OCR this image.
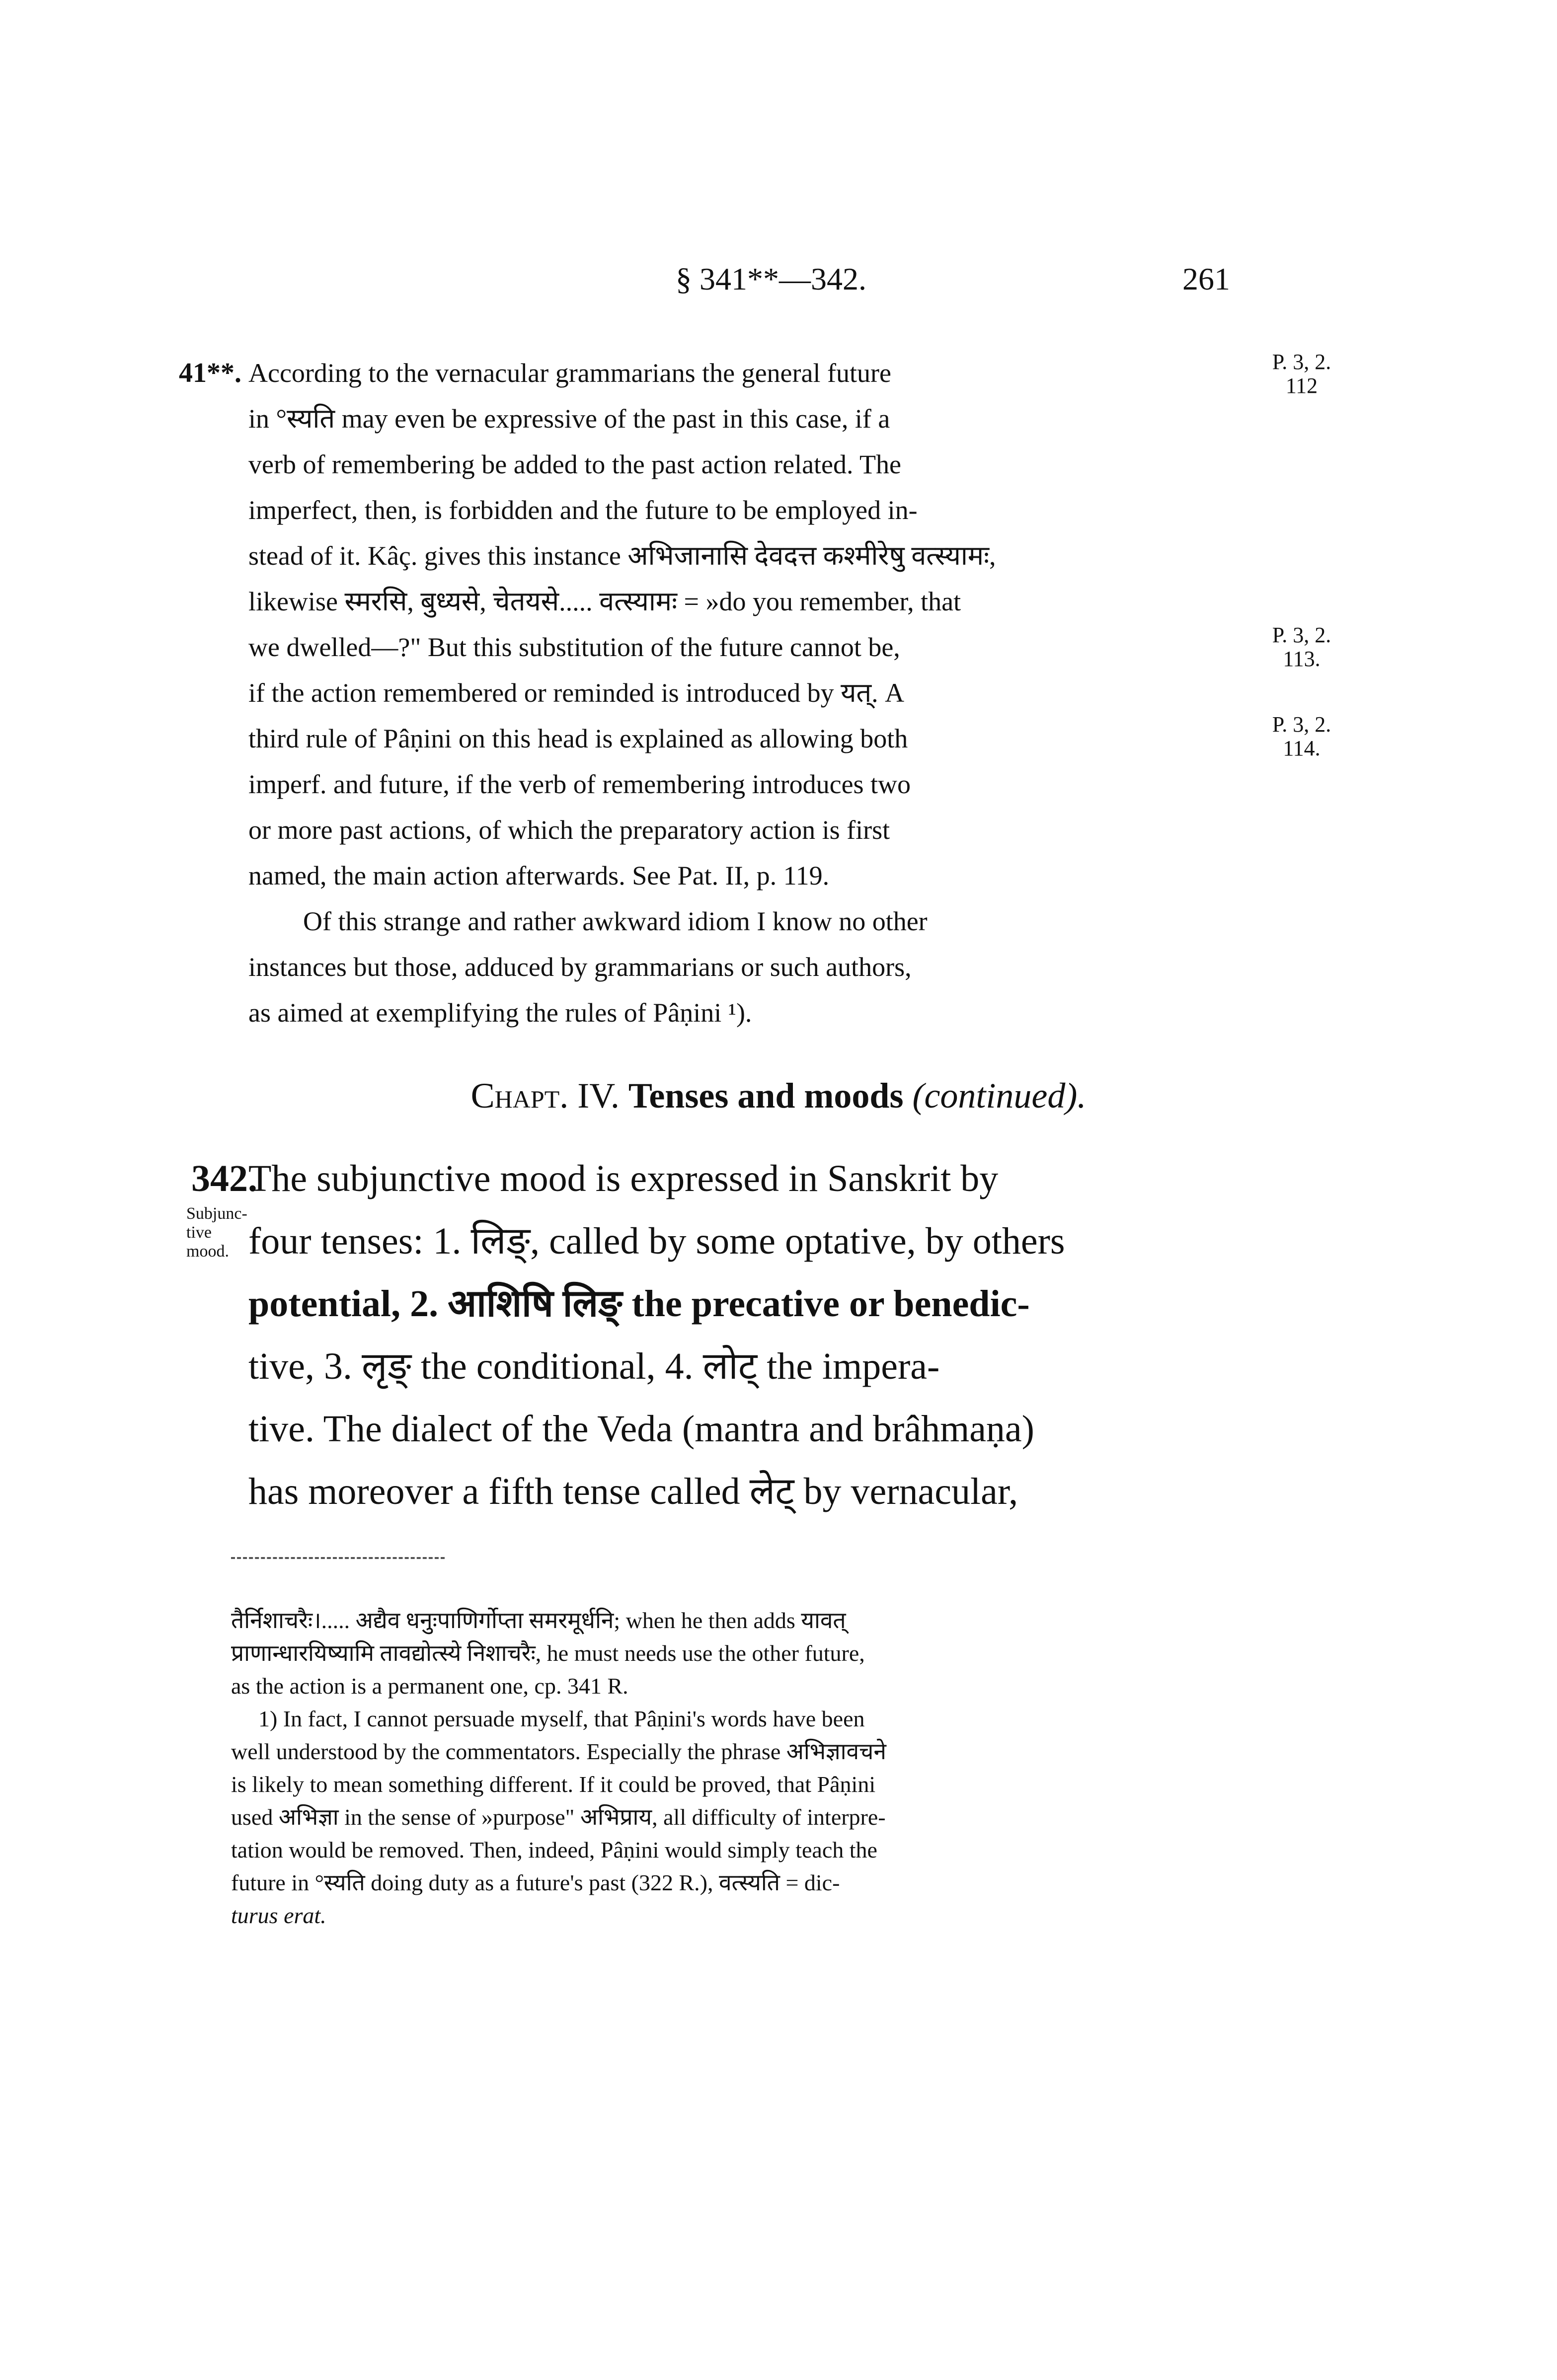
§ 341**—342.	261
41**. According to the vernacular grammarians the general future
in °स्यति may even be expressive of the past in this case, if a
verb of remembering be added to the past action related. The
imperfect, then, is forbidden and the future to be employed in-
stead of it. Kâç. gives this instance अभिजानासि देवदत्त कश्मीरेषु वत्स्यामः,
likewise स्मरसि, बुध्यसे, चेतयसे..... वत्स्यामः = »do you remember, that
we dwelled—?" But this substitution of the future cannot be,
if the action remembered or reminded is introduced by यत्. A
third rule of Pâṇini on this head is explained as allowing both
imperf. and future, if the verb of remembering introduces two
or more past actions, of which the preparatory action is first
named, the main action afterwards. See Pat. II, p. 119.
Of this strange and rather awkward idiom I know no other
instances but those, adduced by grammarians or such authors,
as aimed at exemplifying the rules of Pâṇini ¹).
P. 3, 2. 112
P. 3, 2. 113.
P. 3, 2. 114.
Chapt. IV. Tenses and moods (continued).
342.
Subjunc- tive mood.
The subjunctive mood is expressed in Sanskrit by
four tenses: 1. लिङ्, called by some optative, by others
potential, 2. आशिषि लिङ् the precative or benedic-
tive, 3. लृङ् the conditional, 4. लोट् the impera-
tive. The dialect of the Veda (mantra and brâhmaṇa)
has moreover a fifth tense called लेट् by vernacular,
तैर्निशाचरैः।..... अद्यैव धनुःपाणिर्गोप्ता समरमूर्धनि; when he then adds यावत्
प्राणान्धारयिष्यामि तावद्योत्स्ये निशाचरैः, he must needs use the other future,
as the action is a permanent one, cp. 341 R.
1) In fact, I cannot persuade myself, that Pâṇini's words have been
well understood by the commentators. Especially the phrase अभिज्ञावचने
is likely to mean something different. If it could be proved, that Pâṇini
used अभिज्ञा in the sense of »purpose" अभिप्राय, all difficulty of interpre-
tation would be removed. Then, indeed, Pâṇini would simply teach the
future in °स्यति doing duty as a future's past (322 R.), वत्स्यति = dic-
turus erat.
